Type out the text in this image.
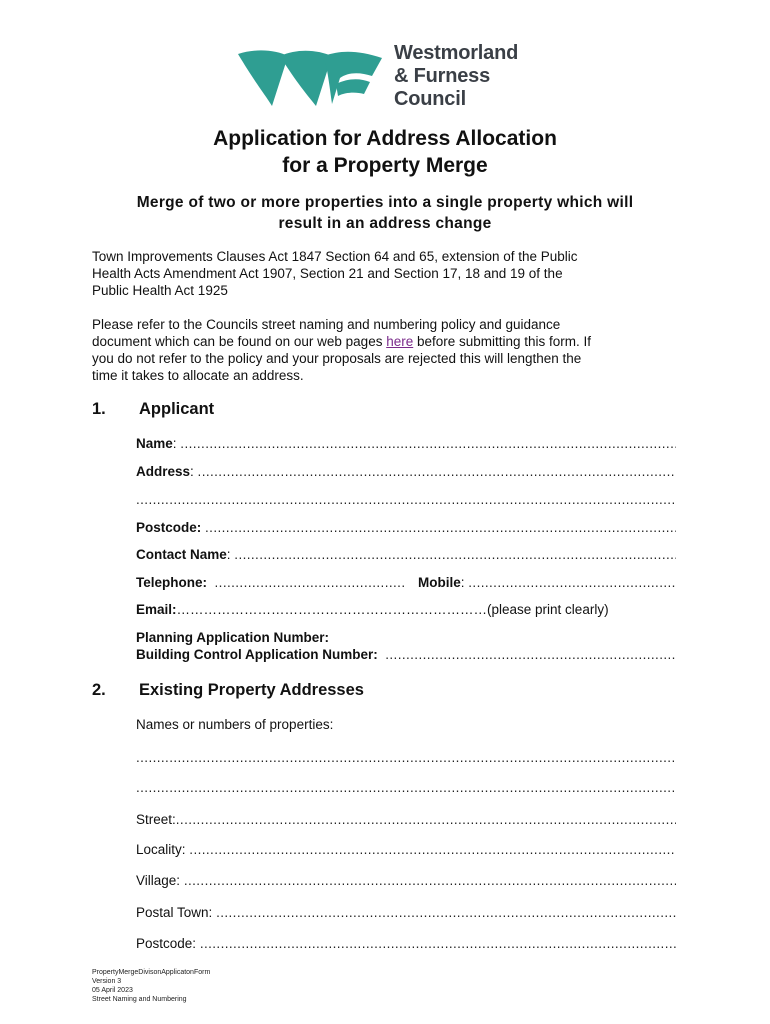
Westmorland
& Furness
Council
Application for Address Allocation
for a Property Merge
Merge of two or more properties into a single property which will
result in an address change
Town Improvements Clauses Act 1847 Section 64 and 65, extension of the Public
Health Acts Amendment Act 1907, Section 21 and Section 17, 18 and 19 of the
Public Health Act 1925
Please refer to the Councils street naming and numbering policy and guidance
document which can be found on our web pages here before submitting this form. If
you do not refer to the policy and your proposals are rejected this will lengthen the
time it takes to allocate an address.
1. Applicant
Name :
.....
Address :
.....
.....
Postcode:

.....
Contact Name :
.....
Telephone:

.....	Mobile :
.....
Email: …………………………………………………………… (please print clearly)
Planning Application Number:
Building Control Application Number:

.....
2. Existing Property Addresses
Names or numbers of properties:
.....
.....
Street:
.....
Locality:

.....
Village:

.....
Postal Town:

.....
Postcode:

.....
PropertyMergeDivisonApplicatonForm
Version 3
05 April 2023
Street Naming and Numbering
